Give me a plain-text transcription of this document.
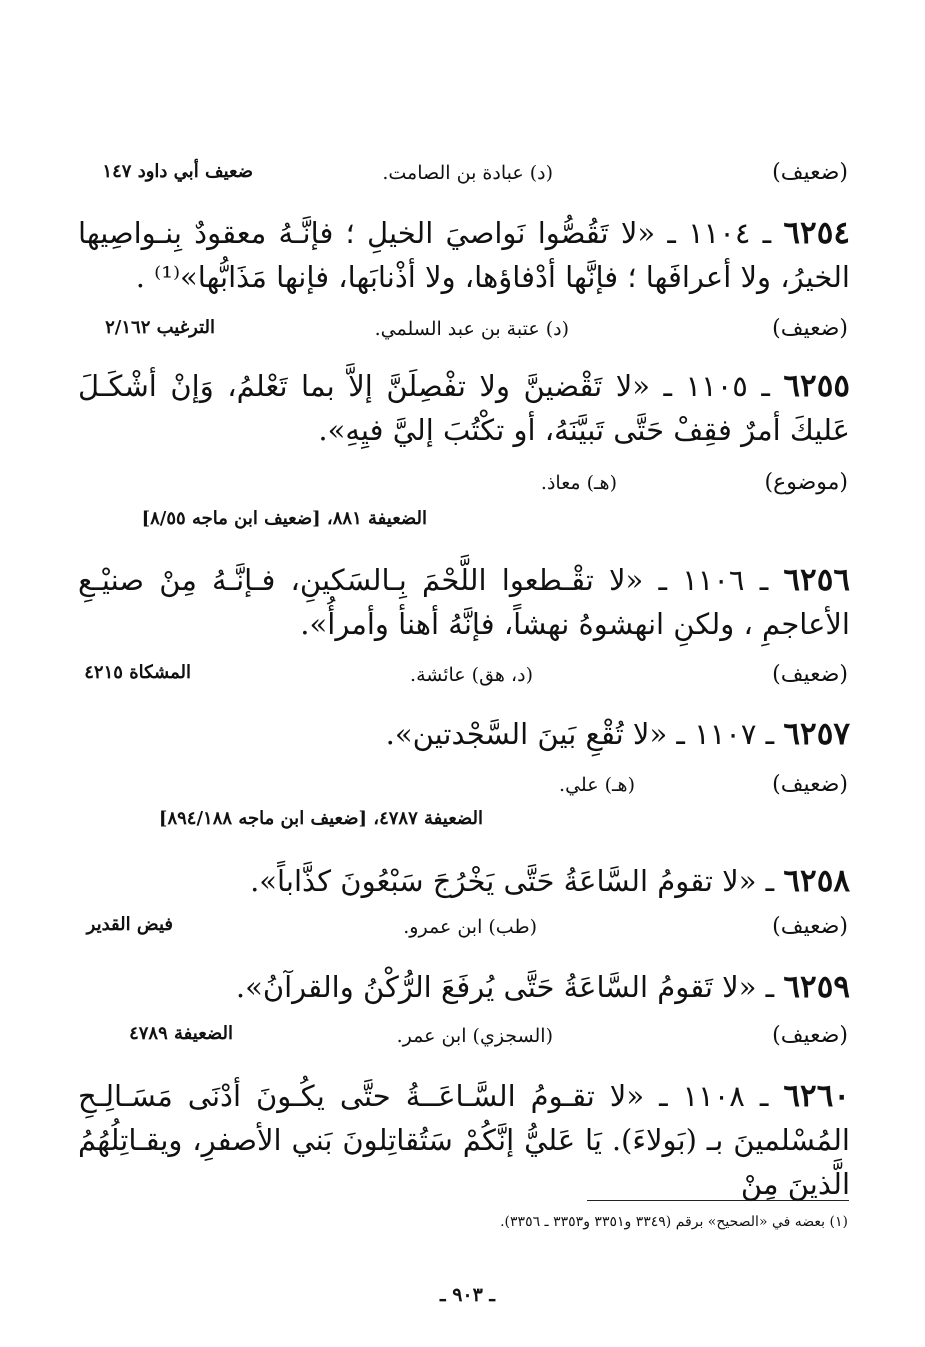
(ضعيف)
(د) عبادة بن الصامت.
ضعيف أبي داود ١٤٧
٦٢٥٤ ـ ١١٠٤ ـ «لا تَقُصُّوا نَواصيَ الخيلِ ؛ فإنَّـهُ معقودٌ بِنـواصِيها الخيرُ، ولا أعرافَها ؛ فإنَّها أدْفاؤها، ولا أذْنابَها، فإنها مَذَابُّها»⁽¹⁾ .
(ضعيف)
(د) عتبة بن عبد السلمي.
الترغيب ٢/١٦٢
٦٢٥٥ ـ ١١٠٥ ـ «لا تَقْضينَّ ولا تفْصِلَنَّ إلاَّ بما تَعْلمُ، وَإنْ أشْكَـلَ عَليكَ أمرٌ فقِفْ حَتَّى تَبيَّنَهُ، أو تكْتُبَ إليَّ فيِهِ».
(موضوع)
(هـ) معاذ.
الضعيفة ٨٨١، [ضعيف ابن ماجه ٨/٥٥]
٦٢٥٦ ـ ١١٠٦ ـ «لا تقْـطعوا اللَّحْمَ بِـالسَكينِ، فـإنَّـهُ مِنْ صنيْـعِ الأعاجمِ ، ولكنِ انهشوهُ نهشاً، فإنَّهُ أهنأ وأمرأُ».
(ضعيف)
(د، هق) عائشة.
المشكاة ٤٢١٥
٦٢٥٧ ـ ١١٠٧ ـ «لا تُقْعِ بَينَ السَّجْدتين».
(ضعيف)
(هـ) علي.
الضعيفة ٤٧٨٧، [ضعيف ابن ماجه ٨٩٤/١٨٨]
٦٢٥٨ ـ «لا تقومُ السَّاعَةُ حَتَّى يَخْرُجَ سَبْعُونَ كذَّاباً».
(ضعيف)
(طب) ابن عمرو.
فيض القدير
٦٢٥٩ ـ «لا تَقومُ السَّاعَةُ حَتَّى يُرفَعَ الرُّكْنُ والقرآنُ».
(ضعيف)
(السجزي) ابن عمر.
الضعيفة ٤٧٨٩
٦٢٦٠ ـ ١١٠٨ ـ «لا تقـومُ السَّـاعَــةُ حتَّى يكُـونَ أدْنَى مَسَـالِـحِ المُسْلمينَ بـ (بَولاءَ). يَا عَليُّ إنَّكُمْ سَتُقاتِلونَ بَني الأصفرِ، ويقـاتِلُهُمُ الَّذينَ مِنْ
(١) بعضه في «الصحيح» برقم (٣٣٤٩ و٣٣٥١ و٣٣٥٣ ـ ٣٣٥٦).
ـ ٩٠٣ ـ
